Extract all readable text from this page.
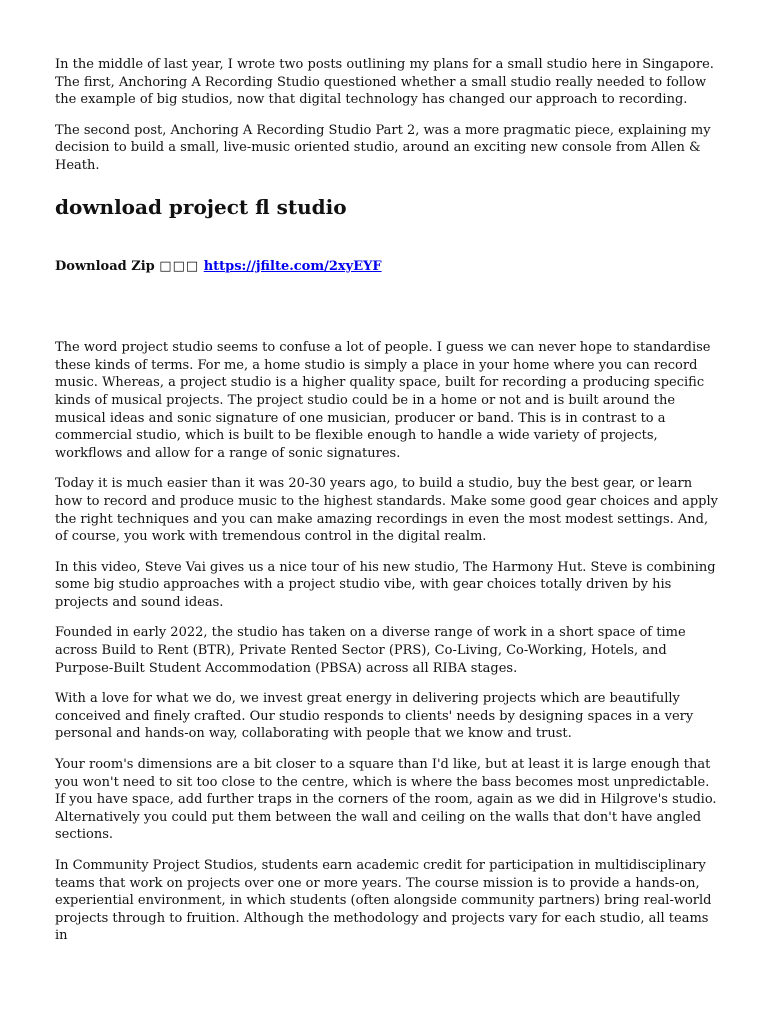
In the middle of last year, I wrote two posts outlining my plans for a small studio here in Singapore. The first, Anchoring A Recording Studio questioned whether a small studio really needed to follow the example of big studios, now that digital technology has changed our approach to recording.

The second post, Anchoring A Recording Studio Part 2, was a more pragmatic piece, explaining my decision to build a small, live-music oriented studio, around an exciting new console from Allen & Heath.

download project fl studio
Download Zip □□□ https://jfilte.com/2xyEYF

The word project studio seems to confuse a lot of people. I guess we can never hope to standardise these kinds of terms. For me, a home studio is simply a place in your home where you can record music. Whereas, a project studio is a higher quality space, built for recording a producing specific kinds of musical projects. The project studio could be in a home or not and is built around the musical ideas and sonic signature of one musician, producer or band. This is in contrast to a commercial studio, which is built to be flexible enough to handle a wide variety of projects, workflows and allow for a range of sonic signatures.

Today it is much easier than it was 20-30 years ago, to build a studio, buy the best gear, or learn how to record and produce music to the highest standards. Make some good gear choices and apply the right techniques and you can make amazing recordings in even the most modest settings. And, of course, you work with tremendous control in the digital realm.

In this video, Steve Vai gives us a nice tour of his new studio, The Harmony Hut. Steve is combining some big studio approaches with a project studio vibe, with gear choices totally driven by his projects and sound ideas.

Founded in early 2022, the studio has taken on a diverse range of work in a short space of time across Build to Rent (BTR), Private Rented Sector (PRS), Co-Living, Co-Working, Hotels, and Purpose-Built Student Accommodation (PBSA) across all RIBA stages.

With a love for what we do, we invest great energy in delivering projects which are beautifully conceived and finely crafted. Our studio responds to clients' needs by designing spaces in a very personal and hands-on way, collaborating with people that we know and trust.

Your room's dimensions are a bit closer to a square than I'd like, but at least it is large enough that you won't need to sit too close to the centre, which is where the bass becomes most unpredictable. If you have space, add further traps in the corners of the room, again as we did in Hilgrove's studio. Alternatively you could put them between the wall and ceiling on the walls that don't have angled sections.

In Community Project Studios, students earn academic credit for participation in multidisciplinary teams that work on projects over one or more years. The course mission is to provide a hands-on, experiential environment, in which students (often alongside community partners) bring real-world projects through to fruition. Although the methodology and projects vary for each studio, all teams in
